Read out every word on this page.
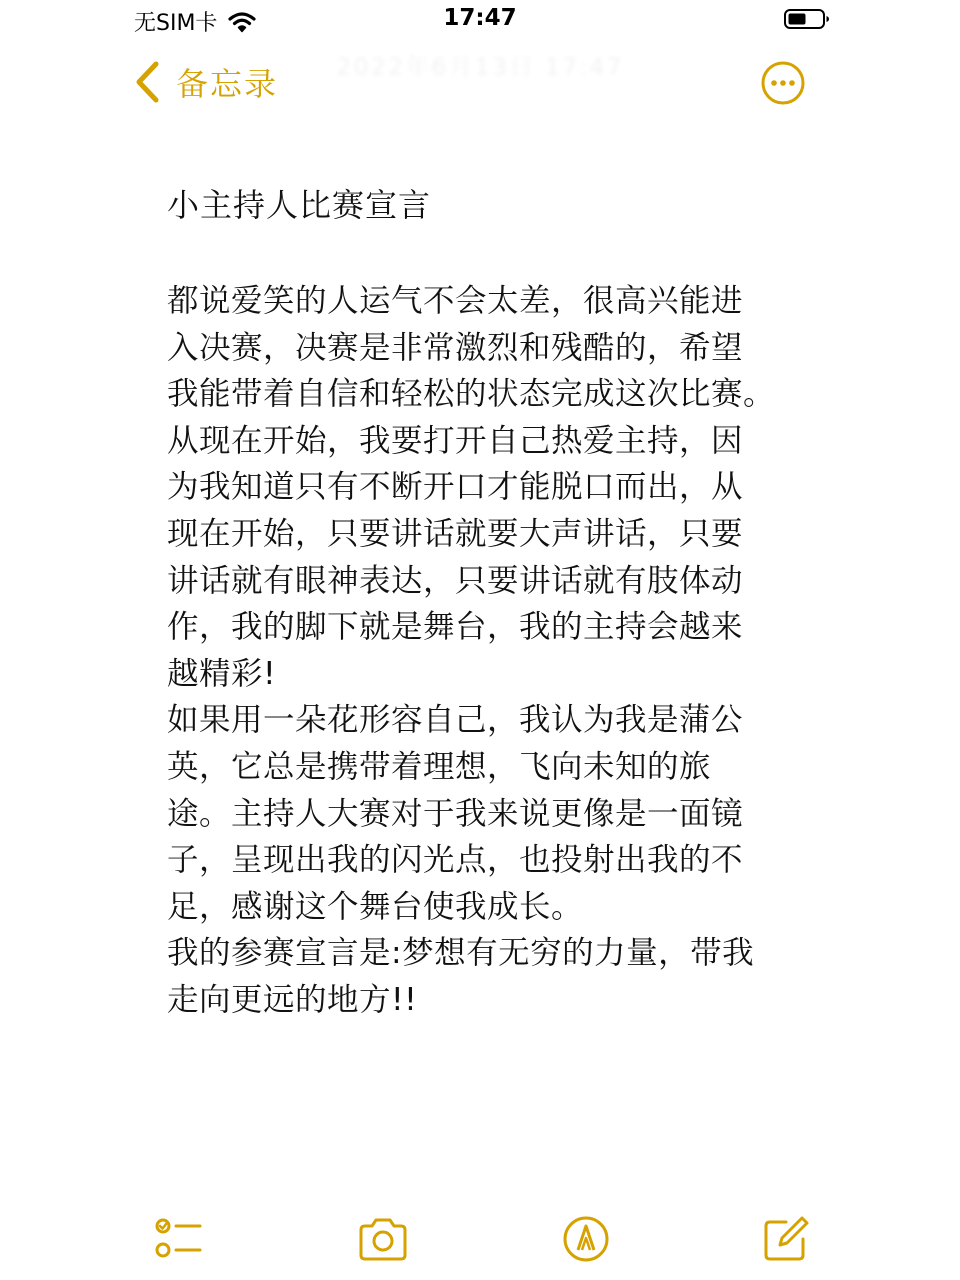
无SIM卡	17:47
2022年6月13日 17:47
备忘录
小主持人比赛宣言
都说爱笑的人运气不会太差，很高兴能进
入决赛，决赛是非常激烈和残酷的，希望
我能带着自信和轻松的状态完成这次比赛。
从现在开始，我要打开自己热爱主持，因
为我知道只有不断开口才能脱口而出，从
现在开始，只要讲话就要大声讲话，只要
讲话就有眼神表达，只要讲话就有肢体动
作，我的脚下就是舞台，我的主持会越来
越精彩!
如果用一朵花形容自己，我认为我是蒲公
英，它总是携带着理想，飞向未知的旅
途。主持人大赛对于我来说更像是一面镜
子，呈现出我的闪光点，也投射出我的不
足，感谢这个舞台使我成长。
我的参赛宣言是:梦想有无穷的力量，带我
走向更远的地方!!
